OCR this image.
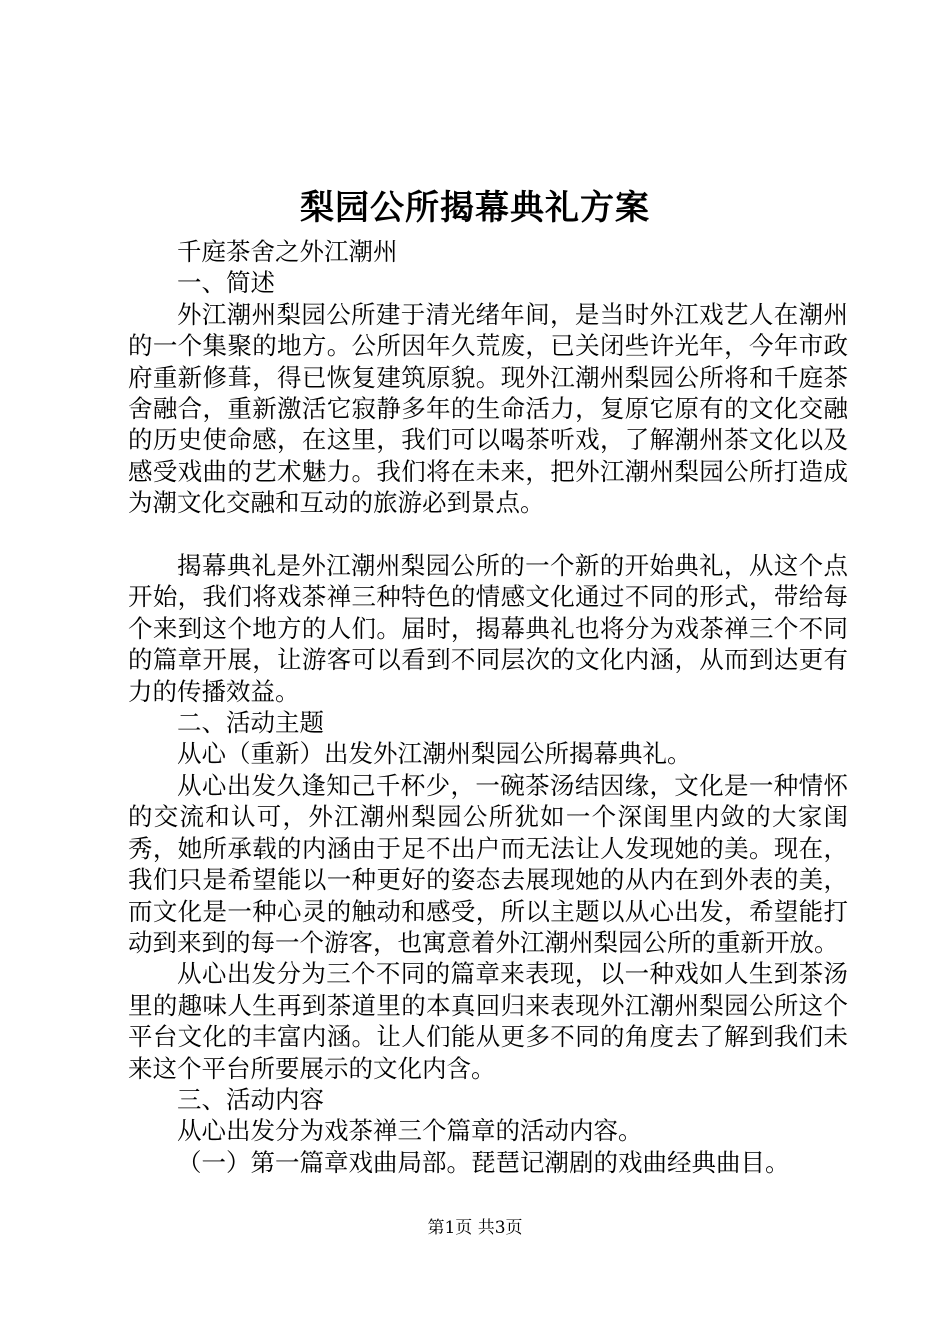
梨园公所揭幕典礼方案

千庭茶舍之外江潮州

一、简述

外江潮州梨园公所建于清光绪年间，是当时外江戏艺人在潮州的一个集聚的地方。公所因年久荒废，已关闭些许光年，今年市政府重新修葺，得已恢复建筑原貌。现外江潮州梨园公所将和千庭茶舍融合，重新激活它寂静多年的生命活力，复原它原有的文化交融的历史使命感，在这里，我们可以喝茶听戏，了解潮州茶文化以及感受戏曲的艺术魅力。我们将在未来，把外江潮州梨园公所打造成为潮文化交融和互动的旅游必到景点。

揭幕典礼是外江潮州梨园公所的一个新的开始典礼，从这个点开始，我们将戏茶禅三种特色的情感文化通过不同的形式，带给每个来到这个地方的人们。届时，揭幕典礼也将分为戏茶禅三个不同的篇章开展，让游客可以看到不同层次的文化内涵，从而到达更有力的传播效益。

二、活动主题

从心（重新）出发外江潮州梨园公所揭幕典礼。

从心出发久逢知己千杯少，一碗茶汤结因缘，文化是一种情怀的交流和认可，外江潮州梨园公所犹如一个深闺里内敛的大家闺秀，她所承载的内涵由于足不出户而无法让人发现她的美。现在，我们只是希望能以一种更好的姿态去展现她的从内在到外表的美，而文化是一种心灵的触动和感受，所以主题以从心出发，希望能打动到来到的每一个游客，也寓意着外江潮州梨园公所的重新开放。

从心出发分为三个不同的篇章来表现，以一种戏如人生到茶汤里的趣味人生再到茶道里的本真回归来表现外江潮州梨园公所这个平台文化的丰富内涵。让人们能从更多不同的角度去了解到我们未来这个平台所要展示的文化内含。

三、活动内容

从心出发分为戏茶禅三个篇章的活动内容。

（一）第一篇章戏曲局部。琵琶记潮剧的戏曲经典曲目。

第1页 共3页
